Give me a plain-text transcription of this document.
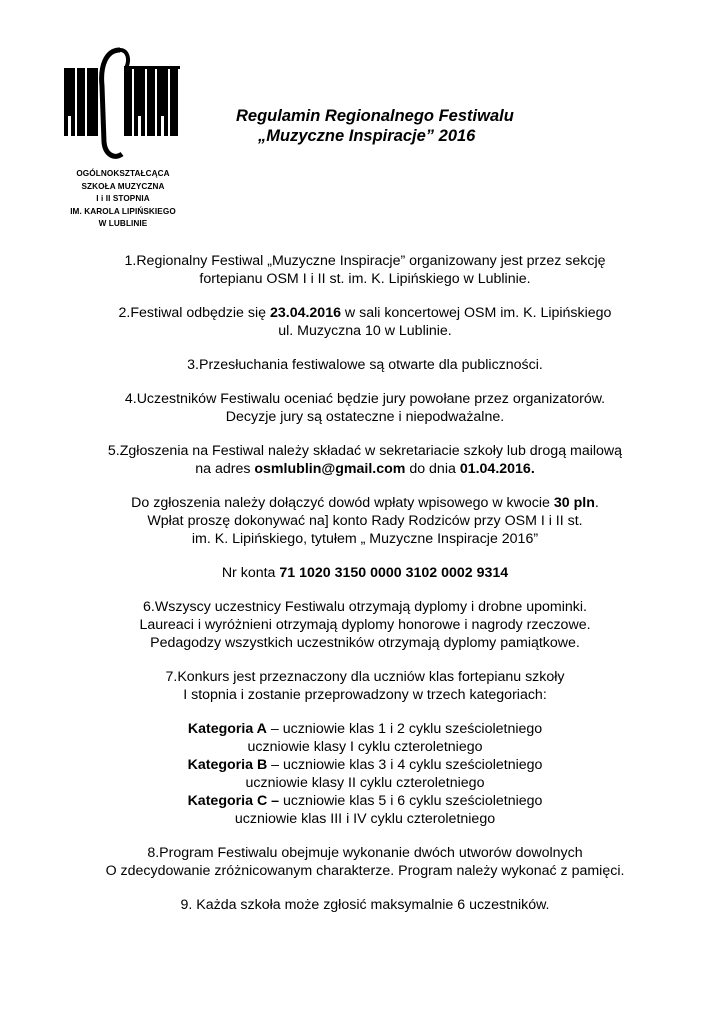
OGÓLNOKSZTAŁCĄCA
SZKOŁA MUZYCZNA
I i II STOPNIA
IM. KAROLA LIPIŃSKIEGO
W LUBLINIE
Regulamin Regionalnego Festiwalu
„Muzyczne Inspiracje” 2016

1.Regionalny Festiwal „Muzyczne Inspiracje” organizowany jest przez sekcję
fortepianu OSM I i II st. im. K. Lipińskiego w Lublinie.

2.Festiwal odbędzie się 23.04.2016 w sali koncertowej OSM im. K. Lipińskiego
ul. Muzyczna 10 w Lublinie.

3.Przesłuchania festiwalowe są otwarte dla publiczności.

4.Uczestników Festiwalu oceniać będzie jury powołane przez organizatorów.
Decyzje jury są ostateczne i niepodważalne.

5.Zgłoszenia na Festiwal należy składać w sekretariacie szkoły lub drogą mailową
na adres osmlublin@gmail.com do dnia 01.04.2016.

Do zgłoszenia należy dołączyć dowód wpłaty wpisowego w kwocie 30 pln.
Wpłat proszę dokonywać na] konto Rady Rodziców przy OSM I i II st.
im. K. Lipińskiego, tytułem „ Muzyczne Inspiracje 2016”

Nr konta 71 1020 3150 0000 3102 0002 9314

6.Wszyscy uczestnicy Festiwalu otrzymają dyplomy i drobne upominki.
Laureaci i wyróżnieni otrzymają dyplomy honorowe i nagrody rzeczowe.
Pedagodzy wszystkich uczestników otrzymają dyplomy pamiątkowe.

7.Konkurs jest przeznaczony dla uczniów klas fortepianu szkoły
I stopnia i zostanie przeprowadzony w trzech kategoriach:

Kategoria A – uczniowie klas 1 i 2 cyklu sześcioletniego
uczniowie klasy I cyklu czteroletniego
Kategoria B – uczniowie klas 3 i 4 cyklu sześcioletniego
uczniowie klasy II cyklu czteroletniego
Kategoria C – uczniowie klas 5 i 6 cyklu sześcioletniego
uczniowie klas III i IV cyklu czteroletniego

8.Program Festiwalu obejmuje wykonanie dwóch utworów dowolnych
O zdecydowanie zróżnicowanym charakterze. Program należy wykonać z pamięci.

9. Każda szkoła może zgłosić maksymalnie 6 uczestników.
